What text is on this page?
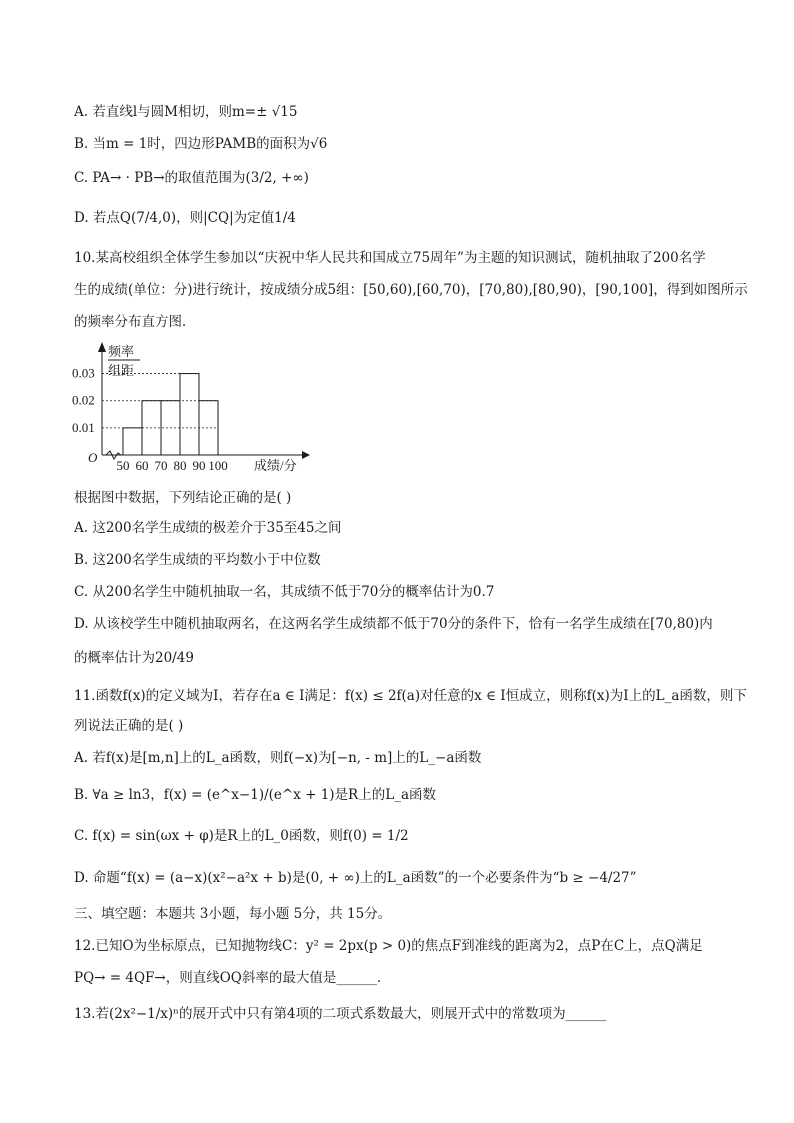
A. 若直线l与圆M相切，则m=± √15
B. 当m = 1时，四边形PAMB的面积为√6
C. PA→ · PB→的取值范围为(3/2, +∞)
D. 若点Q(7/4,0)，则|CQ|为定值1/4
10.某高校组织全体学生参加以“庆祝中华人民共和国成立75周年”为主题的知识测试，随机抽取了200名学
生的成绩(单位：分)进行统计，按成绩分成5组：[50,60),[60,70)，[70,80),[80,90)，[90,100]，得到如图所示
的频率分布直方图．
0.01
0.02
0.03
50 60 70 80 90 100
频率
组距
O
成绩/分
根据图中数据，下列结论正确的是( )
A. 这200名学生成绩的极差介于35至45之间
B. 这200名学生成绩的平均数小于中位数
C. 从200名学生中随机抽取一名，其成绩不低于70分的概率估计为0.7
D. 从该校学生中随机抽取两名，在这两名学生成绩都不低于70分的条件下，恰有一名学生成绩在[70,80)内
的概率估计为20/49
11.函数f(x)的定义域为I，若存在a ∈ I满足：f(x) ≤ 2f(a)对任意的x ∈ I恒成立，则称f(x)为I上的L_a函数，则下
列说法正确的是( )
A. 若f(x)是[m,n]上的L_a函数，则f(−x)为[−n, - m]上的L_−a函数
B. ∀a ≥ ln3，f(x) = (e^x−1)/(e^x + 1)是R上的L_a函数
C. f(x) = sin(ωx + φ)是R上的L_0函数，则f(0) = 1/2
D. 命题“f(x) = (a−x)(x²−a²x + b)是(0, + ∞)上的L_a函数”的一个必要条件为“b ≥ −4/27”
三、填空题：本题共 3小题，每小题 5分，共 15分。
12.已知O为坐标原点，已知抛物线C：y² = 2px(p > 0)的焦点F到准线的距离为2，点P在C上，点Q满足
PQ→ = 4QF→，则直线OQ斜率的最大值是______．
13.若(2x²−1/x)ⁿ的展开式中只有第4项的二项式系数最大，则展开式中的常数项为______
